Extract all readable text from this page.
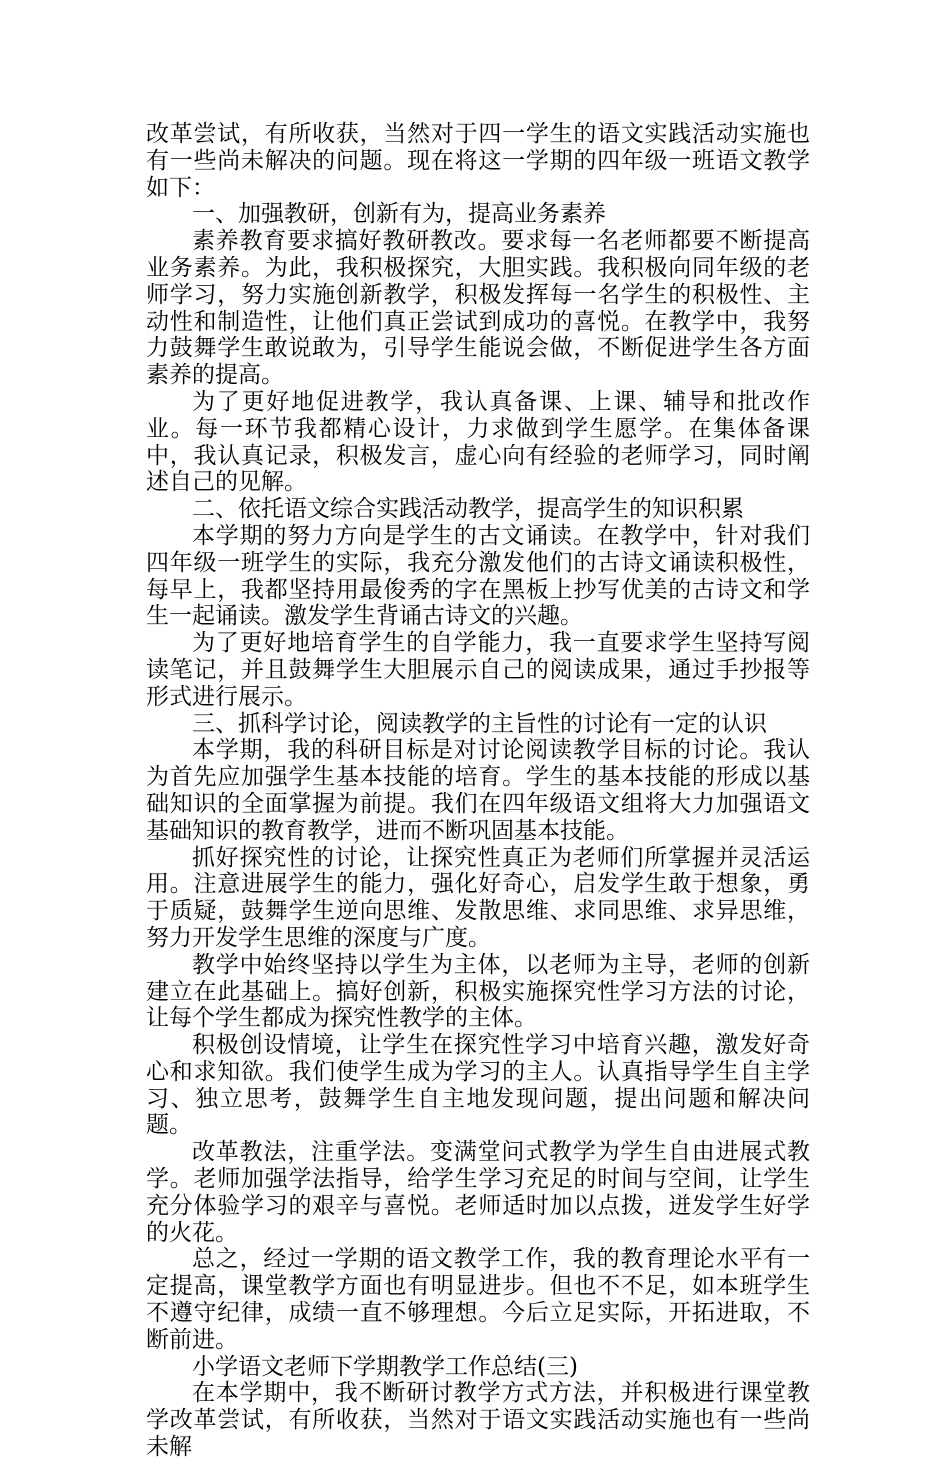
改革尝试，有所收获，当然对于四一学生的语文实践活动实施也有一些尚未解决的问题。现在将这一学期的四年级一班语文教学如下：

一、加强教研，创新有为，提高业务素养

素养教育要求搞好教研教改。要求每一名老师都要不断提高业务素养。为此，我积极探究，大胆实践。我积极向同年级的老师学习，努力实施创新教学，积极发挥每一名学生的积极性、主动性和制造性，让他们真正尝试到成功的喜悦。在教学中，我努力鼓舞学生敢说敢为，引导学生能说会做，不断促进学生各方面素养的提高。

为了更好地促进教学，我认真备课、上课、辅导和批改作业。每一环节我都精心设计，力求做到学生愿学。在集体备课中，我认真记录，积极发言，虚心向有经验的老师学习，同时阐述自己的见解。

二、依托语文综合实践活动教学，提高学生的知识积累

本学期的努力方向是学生的古文诵读。在教学中，针对我们四年级一班学生的实际，我充分激发他们的古诗文诵读积极性，每早上，我都坚持用最俊秀的字在黑板上抄写优美的古诗文和学生一起诵读。激发学生背诵古诗文的兴趣。

为了更好地培育学生的自学能力，我一直要求学生坚持写阅读笔记，并且鼓舞学生大胆展示自己的阅读成果，通过手抄报等形式进行展示。

三、抓科学讨论，阅读教学的主旨性的讨论有一定的认识

本学期，我的科研目标是对讨论阅读教学目标的讨论。我认为首先应加强学生基本技能的培育。学生的基本技能的形成以基础知识的全面掌握为前提。我们在四年级语文组将大力加强语文基础知识的教育教学，进而不断巩固基本技能。

抓好探究性的讨论，让探究性真正为老师们所掌握并灵活运用。注意进展学生的能力，强化好奇心，启发学生敢于想象，勇于质疑，鼓舞学生逆向思维、发散思维、求同思维、求异思维，努力开发学生思维的深度与广度。

教学中始终坚持以学生为主体，以老师为主导，老师的创新建立在此基础上。搞好创新，积极实施探究性学习方法的讨论，让每个学生都成为探究性教学的主体。

积极创设情境，让学生在探究性学习中培育兴趣，激发好奇心和求知欲。我们使学生成为学习的主人。认真指导学生自主学习、独立思考，鼓舞学生自主地发现问题，提出问题和解决问题。

改革教法，注重学法。变满堂问式教学为学生自由进展式教学。老师加强学法指导，给学生学习充足的时间与空间，让学生充分体验学习的艰辛与喜悦。老师适时加以点拨，迸发学生好学的火花。

总之，经过一学期的语文教学工作，我的教育理论水平有一定提高，课堂教学方面也有明显进步。但也不不足，如本班学生不遵守纪律，成绩一直不够理想。今后立足实际，开拓进取，不断前进。

小学语文老师下学期教学工作总结(三)

在本学期中，我不断研讨教学方式方法，并积极进行课堂教学改革尝试，有所收获，当然对于语文实践活动实施也有一些尚未解
